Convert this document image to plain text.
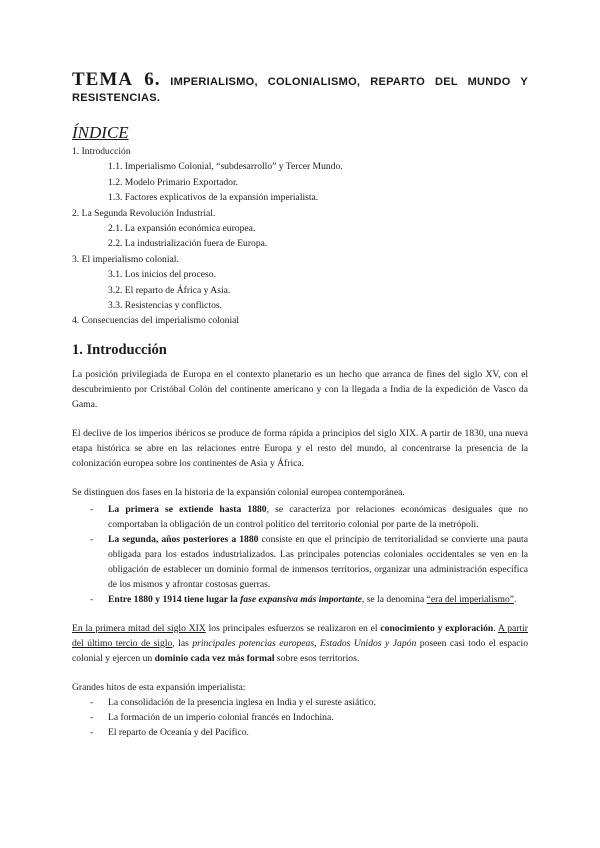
TEMA 6. IMPERIALISMO, COLONIALISMO, REPARTO DEL MUNDO Y RESISTENCIAS.
ÍNDICE
1. Introducción
1.1. Imperialismo Colonial, “subdesarrollo” y Tercer Mundo.
1.2. Modelo Primario Exportador.
1.3. Factores explicativos de la expansión imperialista.
2. La Segunda Revolución Industrial.
2.1. La expansión económica europea.
2.2. La industrialización fuera de Europa.
3. El imperialismo colonial.
3.1. Los inicios del proceso.
3.2. El reparto de África y Asia.
3.3. Resistencias y conflictos.
4. Consecuencias del imperialismo colonial
1. Introducción

La posición privilegiada de Europa en el contexto planetario es un hecho que arranca de fines del siglo XV, con el descubrimiento por Cristóbal Colón del continente americano y con la llegada a India de la expedición de Vasco da Gama.

El declive de los imperios ibéricos se produce de forma rápida a principios del siglo XIX. A partir de 1830, una nueva etapa histórica se abre en las relaciones entre Europa y el resto del mundo, al concentrarse la presencia de la colonización europea sobre los continentes de Asia y África.

Se distinguen dos fases en la historia de la expansión colonial europea contemporánea.

- La primera se extiende hasta 1880, se caracteriza por relaciones económicas desiguales que no comportaban la obligación de un control político del territorio colonial por parte de la metrópoli.
- La segunda, años posteriores a 1880 consiste en que el principio de territorialidad se convierte una pauta obligada para los estados industrializados. Las principales potencias coloniales occidentales se ven en la obligación de establecer un dominio formal de inmensos territorios, organizar una administración específica de los mismos y afrontar costosas guerras.
- Entre 1880 y 1914 tiene lugar la fase expansiva más importante, se la denomina “era del imperialismo”.

En la primera mitad del siglo XIX los principales esfuerzos se realizaron en el conocimiento y exploración. A partir del último tercio de siglo, las principales potencias europeas, Estados Unidos y Japón poseen casi todo el espacio colonial y ejercen un dominio cada vez más formal sobre esos territorios.

Grandes hitos de esta expansión imperialista:

- La consolidación de la presencia inglesa en India y el sureste asiático.
- La formación de un imperio colonial francés en Indochina.
- El reparto de Oceanía y del Pacífico.
